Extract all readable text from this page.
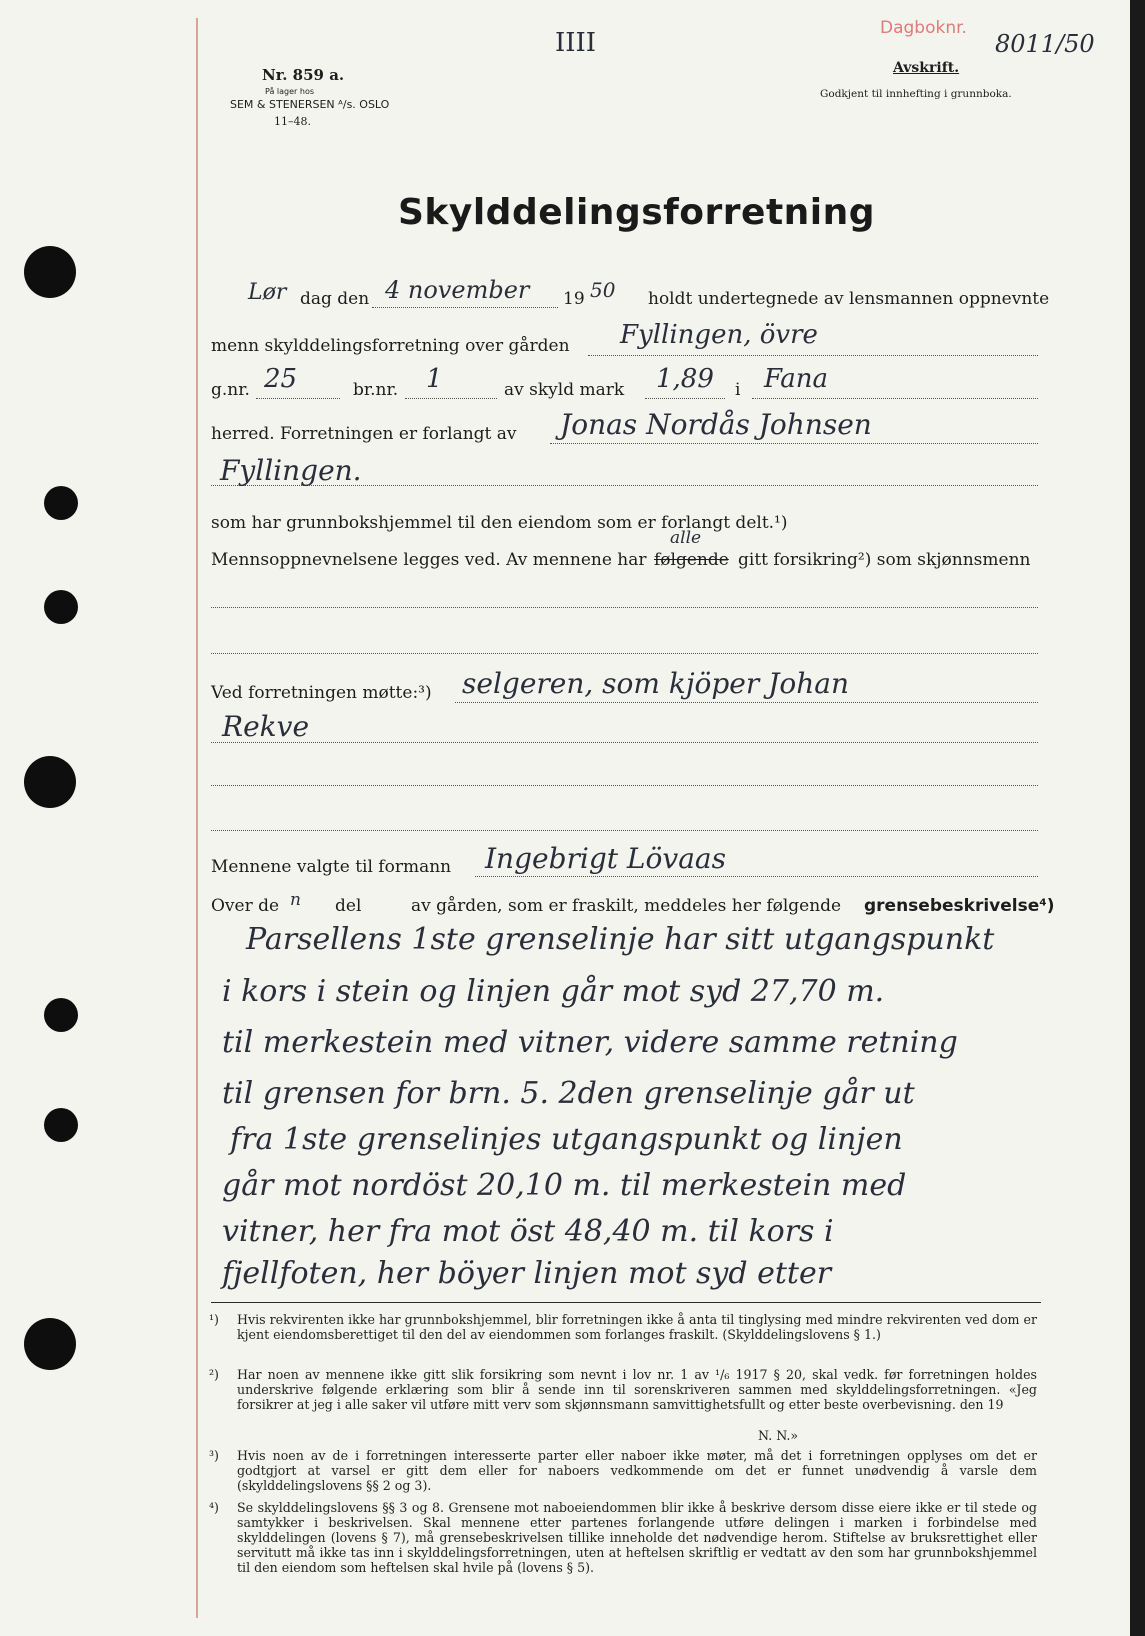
Nr. 859 a.
På lager hos
SEM & STENERSEN ᴬ/s. OSLO
11–48.
IIII
Avskrift.
Godkjent til innhefting i grunnboka.
Dagboknr.
8011/50
Skylddelingsforretning
Lør dag den 4 november 19 50 holdt undertegnede av lensmannen oppnevnte
menn skylddelingsforretning over gården Fyllingen, övre
g.nr. 25	br.nr. 1	av skyld mark 1,89 i Fana
herred. Forretningen er forlangt av Jonas Nordås Johnsen
Fyllingen.
som har grunnbokshjemmel til den eiendom som er forlangt delt.¹)
Mennsoppnevnelsene legges ved. Av mennene har følgende
alle
gitt forsikring²) som skjønnsmenn
Ved forretningen møtte:³) selgeren, som kjöper Johan
Rekve
Mennene valgte til formann Ingebrigt Lövaas
Over de n del	av gården, som er fraskilt, meddeles her følgende grensebeskrivelse⁴)
Parsellens 1ste grenselinje har sitt utgangspunkt
i kors i stein og linjen går mot syd 27,70 m.
til merkestein med vitner, videre samme retning
til grensen for brn. 5. 2den grenselinje går ut
fra 1ste grenselinjes utgangspunkt og linjen
går mot nordöst 20,10 m. til merkestein med
vitner, her fra mot öst 48,40 m. til kors i
fjellfoten, her böyer linjen mot syd etter
¹) Hvis rekvirenten ikke har grunnbokshjemmel, blir forretningen ikke å anta til tinglysing med mindre rekvirenten ved dom er kjent eiendomsberettiget til den del av eiendommen som forlanges fraskilt. (Skylddelingslovens § 1.)
²) Har noen av mennene ikke gitt slik forsikring som nevnt i lov nr. 1 av ¹/₆ 1917 § 20, skal vedk. før forretningen holdes underskrive følgende erklæring som blir å sende inn til sorenskriveren sammen med skylddelingsforretningen. «Jeg forsikrer at jeg i alle saker vil utføre mitt verv som skjønnsmann samvittighetsfullt og etter beste overbevisning. den 19
N. N.»
³) Hvis noen av de i forretningen interesserte parter eller naboer ikke møter, må det i forretningen opplyses om det er godtgjort at varsel er gitt dem eller for naboers vedkommende om det er funnet unødvendig å varsle dem (skylddelingslovens §§ 2 og 3).
⁴) Se skylddelingslovens §§ 3 og 8. Grensene mot naboeiendommen blir ikke å beskrive dersom disse eiere ikke er til stede og samtykker i beskrivelsen. Skal mennene etter partenes forlangende utføre delingen i marken i forbindelse med skylddelingen (lovens § 7), må grensebeskrivelsen tillike inneholde det nødvendige herom. Stiftelse av bruksrettighet eller servitutt må ikke tas inn i skylddelingsforretningen, uten at heftelsen skriftlig er vedtatt av den som har grunnbokshjemmel til den eiendom som heftelsen skal hvile på (lovens § 5).
